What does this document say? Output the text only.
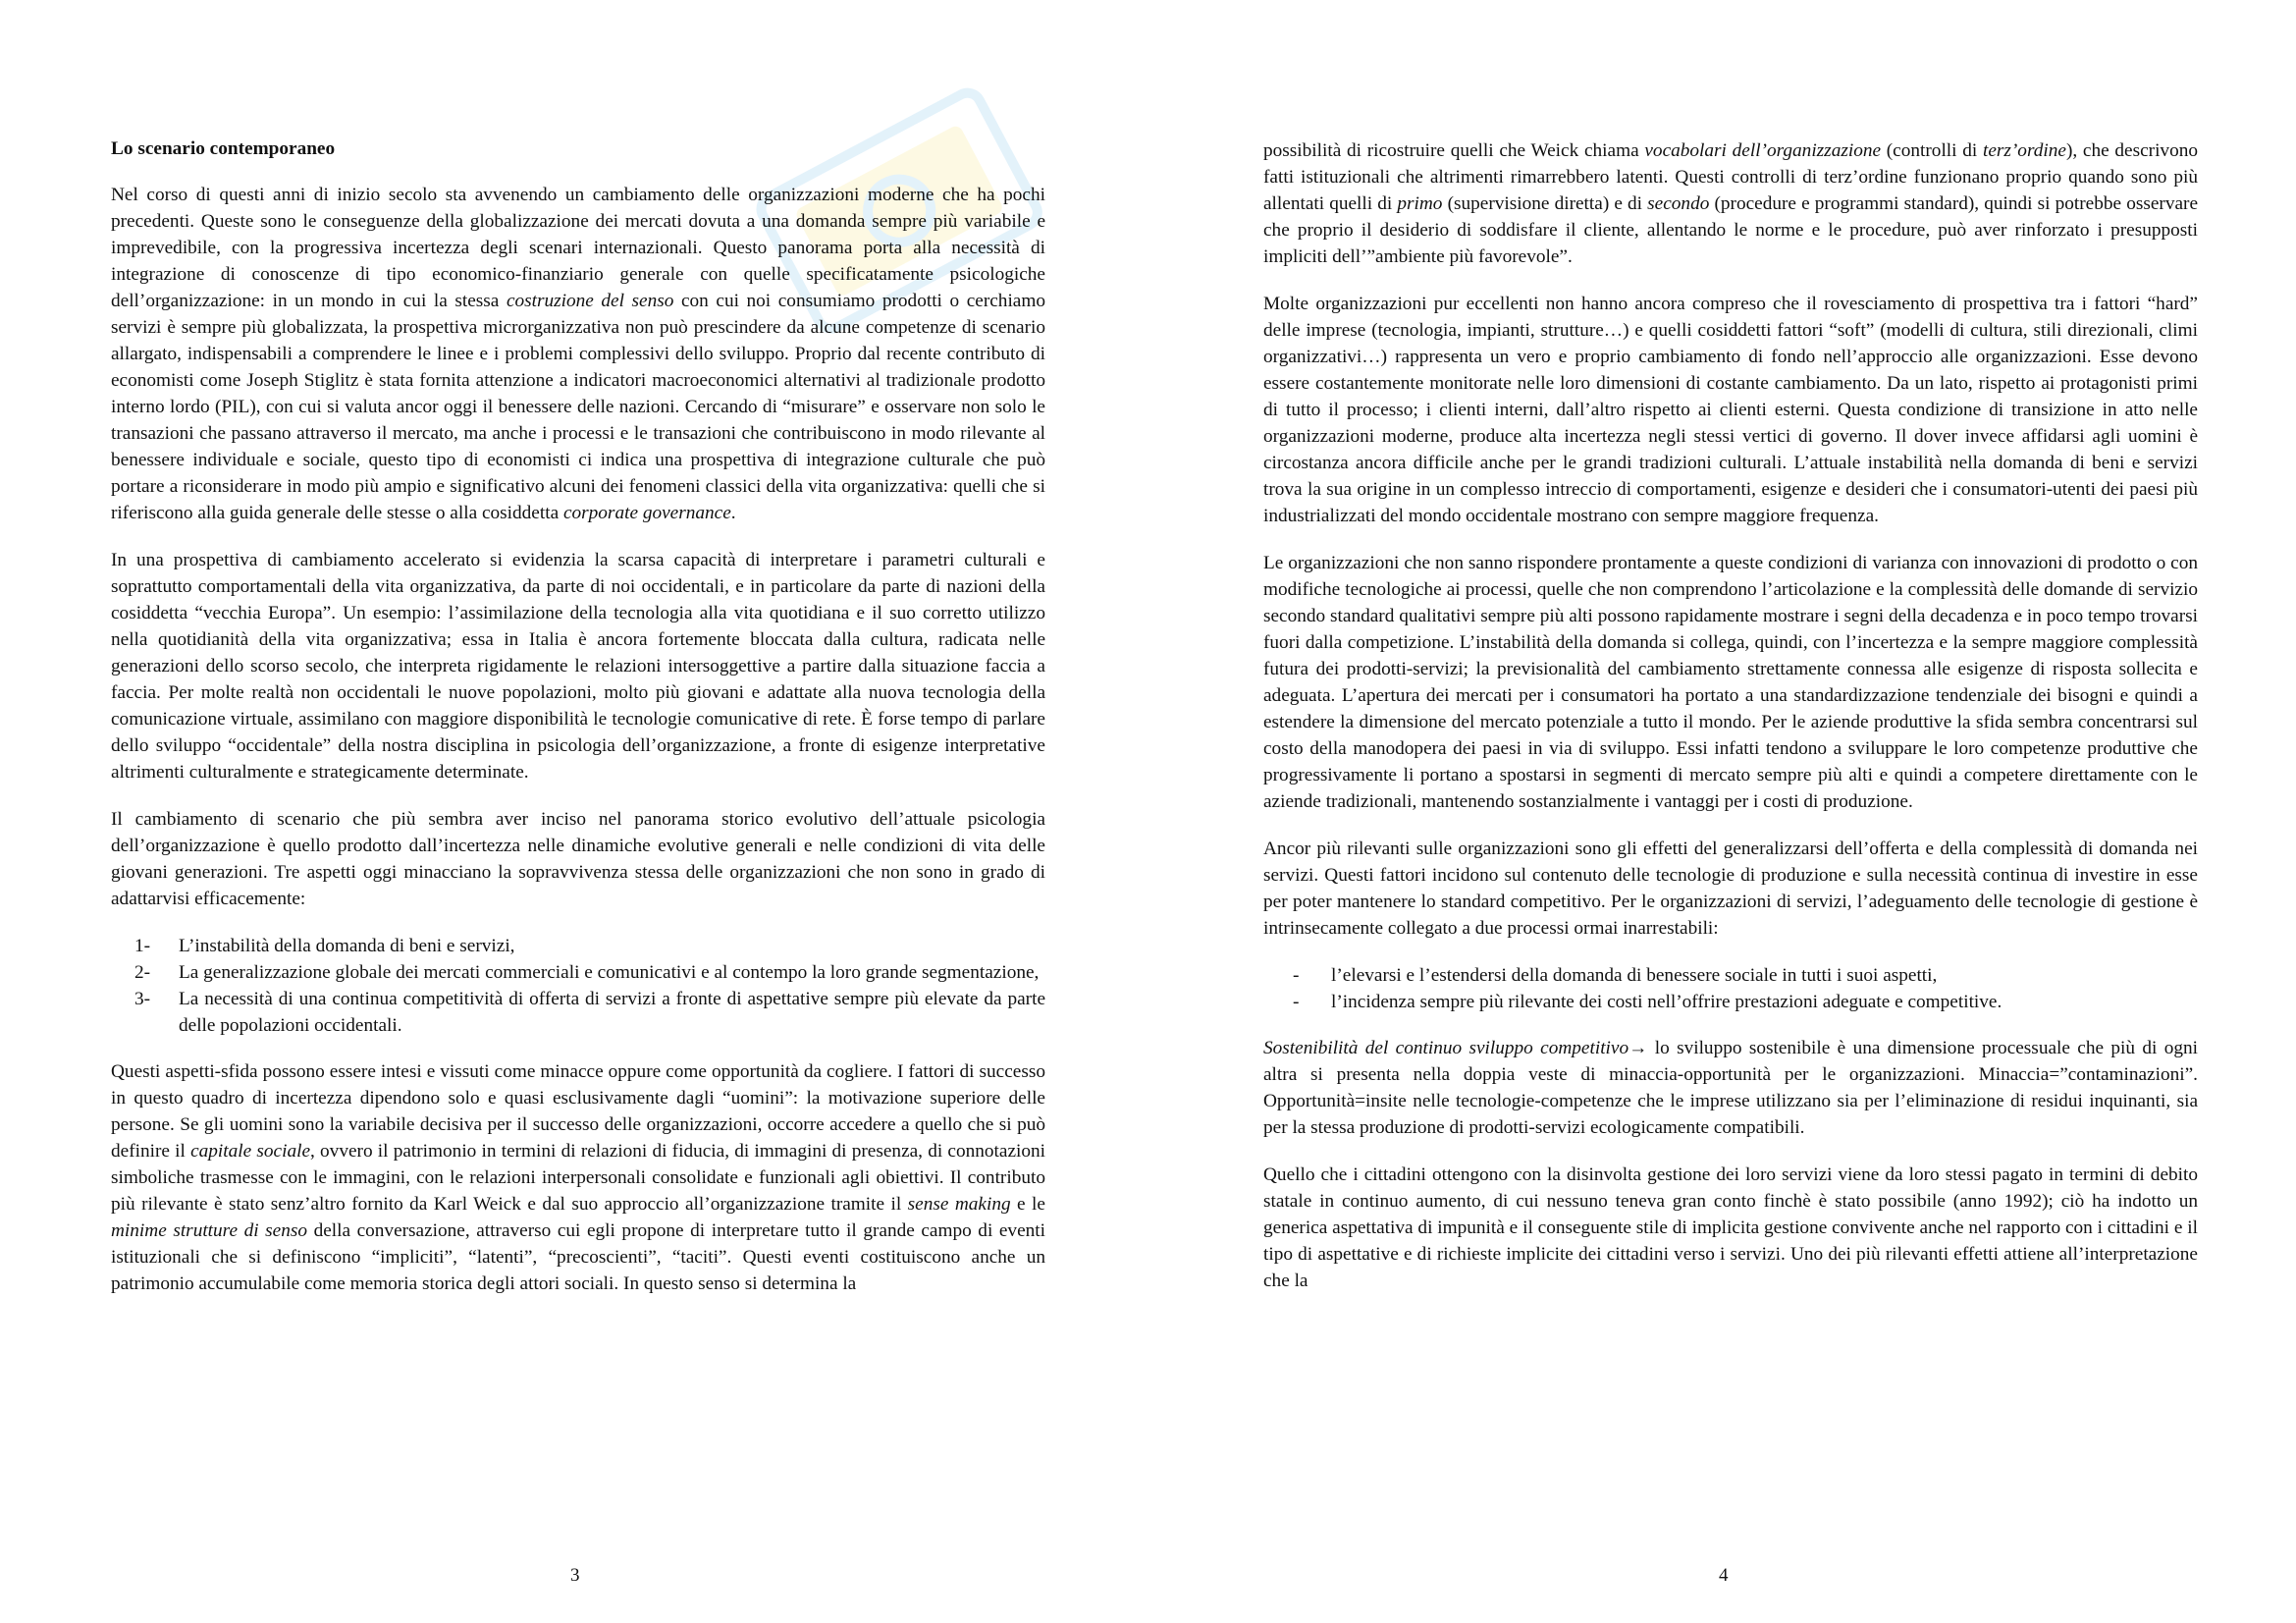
Lo scenario contemporaneo

Nel corso di questi anni di inizio secolo sta avvenendo un cambiamento delle organizzazioni moderne che ha pochi precedenti. Queste sono le conseguenze della globalizzazione dei mercati dovuta a una domanda sempre più variabile e imprevedibile, con la progressiva incertezza degli scenari internazionali. Questo panorama porta alla necessità di integrazione di conoscenze di tipo economico-finanziario generale con quelle specificatamente psicologiche dell’organizzazione: in un mondo in cui la stessa costruzione del senso con cui noi consumiamo prodotti o cerchiamo servizi è sempre più globalizzata, la prospettiva microrganizzativa non può prescindere da alcune competenze di scenario allargato, indispensabili a comprendere le linee e i problemi complessivi dello sviluppo. Proprio dal recente contributo di economisti come Joseph Stiglitz è stata fornita attenzione a indicatori macroeconomici alternativi al tradizionale prodotto interno lordo (PIL), con cui si valuta ancor oggi il benessere delle nazioni. Cercando di “misurare” e osservare non solo le transazioni che passano attraverso il mercato, ma anche i processi e le transazioni che contribuiscono in modo rilevante al benessere individuale e sociale, questo tipo di economisti ci indica una prospettiva di integrazione culturale che può portare a riconsiderare in modo più ampio e significativo alcuni dei fenomeni classici della vita organizzativa: quelli che si riferiscono alla guida generale delle stesse o alla cosiddetta corporate governance.

In una prospettiva di cambiamento accelerato si evidenzia la scarsa capacità di interpretare i parametri culturali e soprattutto comportamentali della vita organizzativa, da parte di noi occidentali, e in particolare da parte di nazioni della cosiddetta “vecchia Europa”. Un esempio: l’assimilazione della tecnologia alla vita quotidiana e il suo corretto utilizzo nella quotidianità della vita organizzativa; essa in Italia è ancora fortemente bloccata dalla cultura, radicata nelle generazioni dello scorso secolo, che interpreta rigidamente le relazioni intersoggettive a partire dalla situazione faccia a faccia. Per molte realtà non occidentali le nuove popolazioni, molto più giovani e adattate alla nuova tecnologia della comunicazione virtuale, assimilano con maggiore disponibilità le tecnologie comunicative di rete. È forse tempo di parlare dello sviluppo “occidentale” della nostra disciplina in psicologia dell’organizzazione, a fronte di esigenze interpretative altrimenti culturalmente e strategicamente determinate.

Il cambiamento di scenario che più sembra aver inciso nel panorama storico evolutivo dell’attuale psicologia dell’organizzazione è quello prodotto dall’incertezza nelle dinamiche evolutive generali e nelle condizioni di vita delle giovani generazioni. Tre aspetti oggi minacciano la sopravvivenza stessa delle organizzazioni che non sono in grado di adattarvisi efficacemente:

1- L’instabilità della domanda di beni e servizi,
2- La generalizzazione globale dei mercati commerciali e comunicativi e al contempo la loro grande segmentazione,
3- La necessità di una continua competitività di offerta di servizi a fronte di aspettative sempre più elevate da parte delle popolazioni occidentali.

Questi aspetti-sfida possono essere intesi e vissuti come minacce oppure come opportunità da cogliere. I fattori di successo in questo quadro di incertezza dipendono solo e quasi esclusivamente dagli “uomini”: la motivazione superiore delle persone. Se gli uomini sono la variabile decisiva per il successo delle organizzazioni, occorre accedere a quello che si può definire il capitale sociale, ovvero il patrimonio in termini di relazioni di fiducia, di immagini di presenza, di connotazioni simboliche trasmesse con le immagini, con le relazioni interpersonali consolidate e funzionali agli obiettivi. Il contributo più rilevante è stato senz’altro fornito da Karl Weick e dal suo approccio all’organizzazione tramite il sense making e le minime strutture di senso della conversazione, attraverso cui egli propone di interpretare tutto il grande campo di eventi istituzionali che si definiscono “impliciti”, “latenti”, “precoscienti”, “taciti”. Questi eventi costituiscono anche un patrimonio accumulabile come memoria storica degli attori sociali. In questo senso si determina la

3

possibilità di ricostruire quelli che Weick chiama vocabolari dell’organizzazione (controlli di terz’ordine), che descrivono fatti istituzionali che altrimenti rimarrebbero latenti. Questi controlli di terz’ordine funzionano proprio quando sono più allentati quelli di primo (supervisione diretta) e di secondo (procedure e programmi standard), quindi si potrebbe osservare che proprio il desiderio di soddisfare il cliente, allentando le norme e le procedure, può aver rinforzato i presupposti impliciti dell’”ambiente più favorevole”.

Molte organizzazioni pur eccellenti non hanno ancora compreso che il rovesciamento di prospettiva tra i fattori “hard” delle imprese (tecnologia, impianti, strutture…) e quelli cosiddetti fattori “soft” (modelli di cultura, stili direzionali, climi organizzativi…) rappresenta un vero e proprio cambiamento di fondo nell’approccio alle organizzazioni. Esse devono essere costantemente monitorate nelle loro dimensioni di costante cambiamento. Da un lato, rispetto ai protagonisti primi di tutto il processo; i clienti interni, dall’altro rispetto ai clienti esterni. Questa condizione di transizione in atto nelle organizzazioni moderne, produce alta incertezza negli stessi vertici di governo. Il dover invece affidarsi agli uomini è circostanza ancora difficile anche per le grandi tradizioni culturali. L’attuale instabilità nella domanda di beni e servizi trova la sua origine in un complesso intreccio di comportamenti, esigenze e desideri che i consumatori-utenti dei paesi più industrializzati del mondo occidentale mostrano con sempre maggiore frequenza.

Le organizzazioni che non sanno rispondere prontamente a queste condizioni di varianza con innovazioni di prodotto o con modifiche tecnologiche ai processi, quelle che non comprendono l’articolazione e la complessità delle domande di servizio secondo standard qualitativi sempre più alti possono rapidamente mostrare i segni della decadenza e in poco tempo trovarsi fuori dalla competizione. L’instabilità della domanda si collega, quindi, con l’incertezza e la sempre maggiore complessità futura dei prodotti-servizi; la previsionalità del cambiamento strettamente connessa alle esigenze di risposta sollecita e adeguata. L’apertura dei mercati per i consumatori ha portato a una standardizzazione tendenziale dei bisogni e quindi a estendere la dimensione del mercato potenziale a tutto il mondo. Per le aziende produttive la sfida sembra concentrarsi sul costo della manodopera dei paesi in via di sviluppo. Essi infatti tendono a sviluppare le loro competenze produttive che progressivamente li portano a spostarsi in segmenti di mercato sempre più alti e quindi a competere direttamente con le aziende tradizionali, mantenendo sostanzialmente i vantaggi per i costi di produzione.

Ancor più rilevanti sulle organizzazioni sono gli effetti del generalizzarsi dell’offerta e della complessità di domanda nei servizi. Questi fattori incidono sul contenuto delle tecnologie di produzione e sulla necessità continua di investire in esse per poter mantenere lo standard competitivo. Per le organizzazioni di servizi, l’adeguamento delle tecnologie di gestione è intrinsecamente collegato a due processi ormai inarrestabili:

- l’elevarsi e l’estendersi della domanda di benessere sociale in tutti i suoi aspetti,
- l’incidenza sempre più rilevante dei costi nell’offrire prestazioni adeguate e competitive.

Sostenibilità del continuo sviluppo competitivo→ lo sviluppo sostenibile è una dimensione processuale che più di ogni altra si presenta nella doppia veste di minaccia-opportunità per le organizzazioni. Minaccia=”contaminazioni”. Opportunità=insite nelle tecnologie-competenze che le imprese utilizzano sia per l’eliminazione di residui inquinanti, sia per la stessa produzione di prodotti-servizi ecologicamente compatibili.

Quello che i cittadini ottengono con la disinvolta gestione dei loro servizi viene da loro stessi pagato in termini di debito statale in continuo aumento, di cui nessuno teneva gran conto finchè è stato possibile (anno 1992); ciò ha indotto un generica aspettativa di impunità e il conseguente stile di implicita gestione convivente anche nel rapporto con i cittadini e il tipo di aspettative e di richieste implicite dei cittadini verso i servizi. Uno dei più rilevanti effetti attiene all’interpretazione che la

4
